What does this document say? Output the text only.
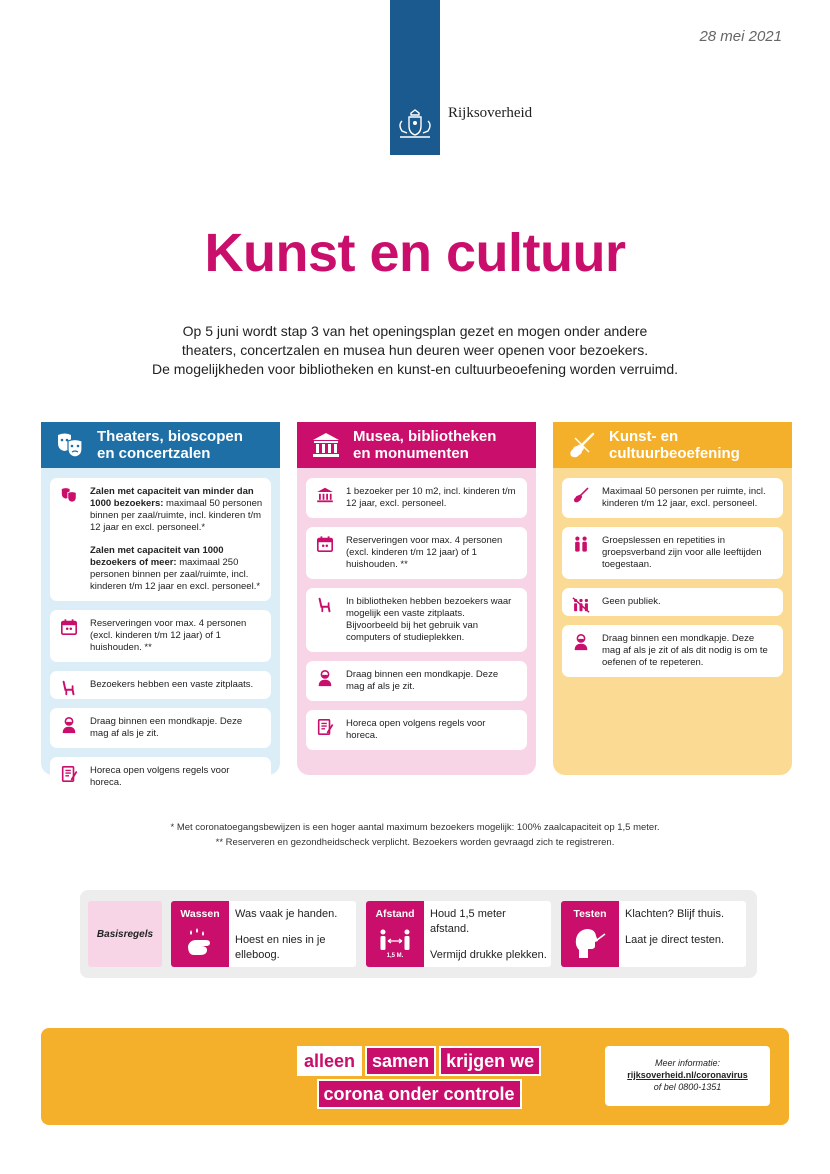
28 mei 2021
Rijksoverheid
Kunst en cultuur
Op 5 juni wordt stap 3 van het openingsplan gezet en mogen onder andere
theaters, concertzalen en musea hun deuren weer openen voor bezoekers.
De mogelijkheden voor bibliotheken en kunst-en cultuurbeoefening worden verruimd.
Theaters, bioscopen
en concertzalen

Zalen met capaciteit van minder dan 1000 bezoekers: maximaal 50 personen binnen per zaal/ruimte, incl. kinderen t/m 12 jaar en excl. personeel.*

Zalen met capaciteit van 1000 bezoekers of meer: maximaal 250 personen binnen per zaal/ruimte, incl. kinderen t/m 12 jaar en excl. personeel.*

Reserveringen voor max. 4 personen (excl. kinderen t/m 12 jaar) of 1 huishouden. **
Bezoekers hebben een vaste zitplaats.
Draag binnen een mondkapje. Deze mag af als je zit.
Horeca open volgens regels voor horeca.
Musea, bibliotheken
en monumenten
1 bezoeker per 10 m2, incl. kinderen t/m 12 jaar, excl. personeel.
Reserveringen voor max. 4 personen (excl. kinderen t/m 12 jaar) of 1 huishouden. **
In bibliotheken hebben bezoekers waar mogelijk een vaste zitplaats. Bijvoorbeeld bij het gebruik van computers of studieplekken.
Draag binnen een mondkapje. Deze mag af als je zit.
Horeca open volgens regels voor horeca.
Kunst- en
cultuurbeoefening
Maximaal 50 personen per ruimte, incl. kinderen t/m 12 jaar, excl. personeel.
Groepslessen en repetities in groepsverband zijn voor alle leeftijden toegestaan.
Geen publiek.
Draag binnen een mondkapje. Deze mag af als je zit of als dit nodig is om te oefenen of te repeteren.
* Met coronatoegangsbewijzen is een hoger aantal maximum bezoekers mogelijk: 100% zaalcapaciteit op 1,5 meter.
** Reserveren en gezondheidscheck verplicht. Bezoekers worden gevraagd zich te registreren.
Basisregels
Wassen	Was vaak je handen.

Hoest en nies in je elleboog.

Afstand
1,5 M.

Houd 1,5 meter afstand.

Vermijd drukke plekken.

Testen	Klachten? Blijf thuis.

Laat je direct testen.

alleen samen krijgen we
corona onder controle
Meer informatie:
rijksoverheid.nl/coronavirus
of bel 0800-1351
